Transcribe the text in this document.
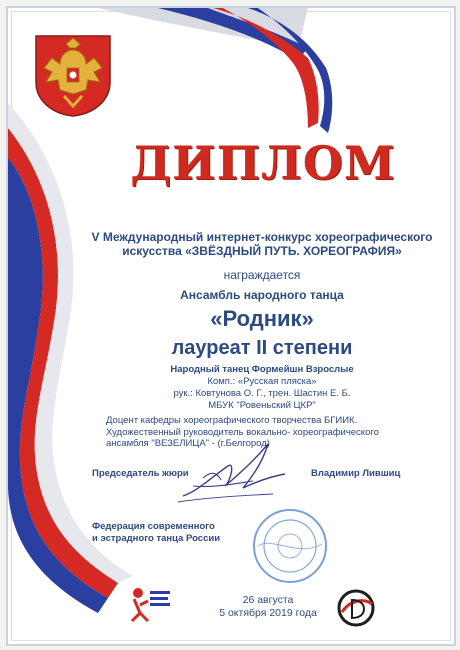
ДИПЛОМ
V Международный интернет-конкурс хореографического
искусства «ЗВЁЗДНЫЙ ПУТЬ. ХОРЕОГРАФИЯ»
награждается
Ансамбль народного танца
«Родник»
лауреат II степени
Народный танец Формейшн Взрослые
Комп.: «Русская пляска»
рук.: Ковтунова О. Г., трен. Шастин Е. Б.
МБУК "Ровеньский ЦКР"
Доцент кафедры хореографического творчества БГИИК.
Художественный руководитель вокально- хореографического
ансамбля "ВЕЗЕЛИЦА" - (г.Белгород)
Председатель жюри	Владимир Лившиц
Федерация современного
и эстрадного танца России
26 августа
5 октября 2019 года
